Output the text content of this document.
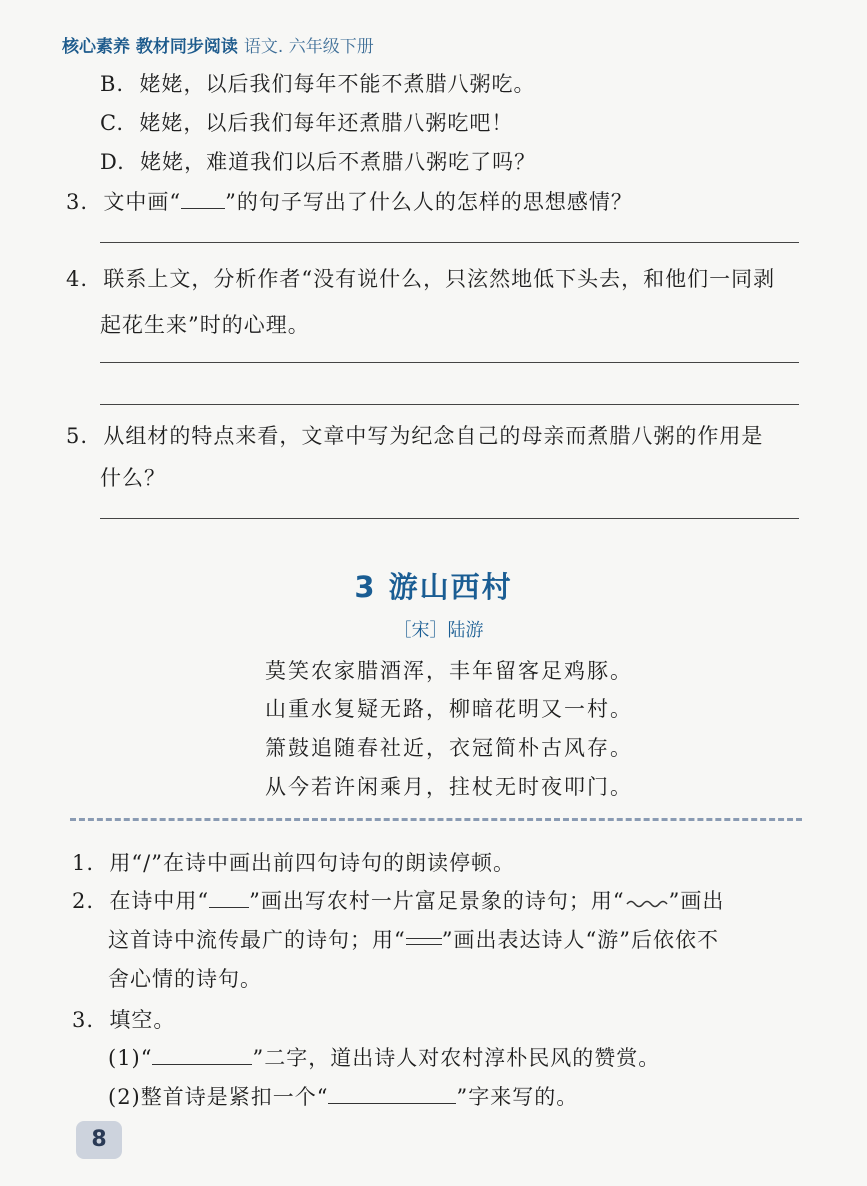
核心素养 教材同步阅读 语文. 六年级下册
B. 姥姥，以后我们每年不能不煮腊八粥吃。
C. 姥姥，以后我们每年还煮腊八粥吃吧！
D. 姥姥，难道我们以后不煮腊八粥吃了吗？
3. 文中画“ ”的句子写出了什么人的怎样的思想感情？
4. 联系上文，分析作者“没有说什么，只泫然地低下头去，和他们一同剥
起花生来”时的心理。
5. 从组材的特点来看，文章中写为纪念自己的母亲而煮腊八粥的作用是
什么？
3 游山西村
［宋］陆游
莫笑农家腊酒浑，丰年留客足鸡豚。
山重水复疑无路，柳暗花明又一村。
箫鼓追随春社近，衣冠简朴古风存。
从今若许闲乘月，拄杖无时夜叩门。
1. 用“/”在诗中画出前四句诗句的朗读停顿。
2. 在诗中用“ ”画出写农村一片富足景象的诗句；用“ ”画出
这首诗中流传最广的诗句；用“ ”画出表达诗人“游”后依依不
舍心情的诗句。
3. 填空。
(1)“	”二字，道出诗人对农村淳朴民风的赞赏。
(2)整首诗是紧扣一个“	”字来写的。
8
